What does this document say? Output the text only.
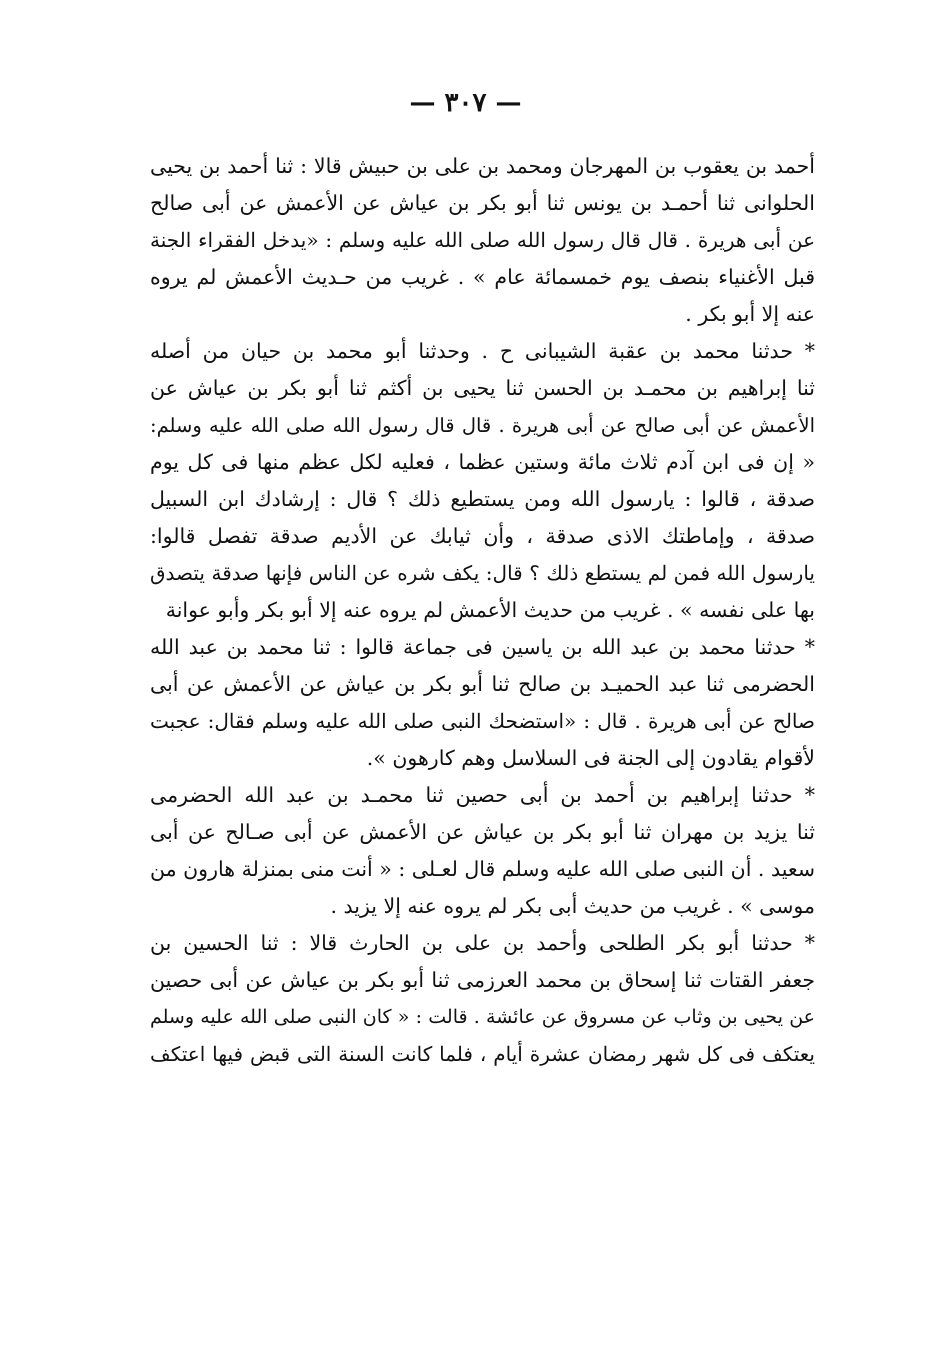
— ٣٠٧ —
أحمد بن يعقوب بن المهرجان ومحمد بن على بن حبيش قالا : ثنا أحمد بن يحيى
الحلوانى ثنا أحمـد بن يونس ثنا أبو بكر بن عياش عن الأعمش عن أبى صالح
عن أبى هريرة . قال قال رسول الله صلى الله عليه وسلم : «يدخل الفقراء الجنة
قبل الأغنياء بنصف يوم خمسمائة عام » . غريب من حـديث الأعمش لم يروه
عنه إلا أبو بكر .
* حدثنا محمد بن عقبة الشيبانى ح . وحدثنا أبو محمد بن حيان من أصله
ثنا إبراهيم بن محمـد بن الحسن ثنا يحيى بن أكثم ثنا أبو بكر بن عياش عن
الأعمش عن أبى صالح عن أبى هريرة . قال قال رسول الله صلى الله عليه وسلم:
« إن فى ابن آدم ثلاث مائة وستين عظما ، فعليه لكل عظم منها فى كل يوم
صدقة ، قالوا : يارسول الله ومن يستطيع ذلك ؟ قال : إرشادك ابن السبيل
صدقة ، وإماطتك الاذى صدقة ، وأن ثيابك عن الأديم صدقة تفصل قالوا:
يارسول الله فمن لم يستطع ذلك ؟ قال: يكف شره عن الناس فإنها صدقة يتصدق
بها على نفسه » . غريب من حديث الأعمش لم يروه عنه إلا أبو بكر وأبو عوانة
* حدثنا محمد بن عبد الله بن ياسين فى جماعة قالوا : ثنا محمد بن عبد الله
الحضرمى ثنا عبد الحميـد بن صالح ثنا أبو بكر بن عياش عن الأعمش عن أبى
صالح عن أبى هريرة . قال : «استضحك النبى صلى الله عليه وسلم فقال: عجبت
لأقوام يقادون إلى الجنة فى السلاسل وهم كارهون ».
* حدثنا إبراهيم بن أحمد بن أبى حصين ثنا محمـد بن عبد الله الحضرمى
ثنا يزيد بن مهران ثنا أبو بكر بن عياش عن الأعمش عن أبى صـالح عن أبى
سعيد . أن النبى صلى الله عليه وسلم قال لعـلى : « أنت منى بمنزلة هارون من
موسى » . غريب من حديث أبى بكر لم يروه عنه إلا يزيد .
* حدثنا أبو بكر الطلحى وأحمد بن على بن الحارث قالا : ثنا الحسين بن
جعفر القتات ثنا إسحاق بن محمد العرزمى ثنا أبو بكر بن عياش عن أبى حصين
عن يحيى بن وثاب عن مسروق عن عائشة . قالت : « كان النبى صلى الله عليه وسلم
يعتكف فى كل شهر رمضان عشرة أيام ، فلما كانت السنة التى قبض فيها اعتكف
